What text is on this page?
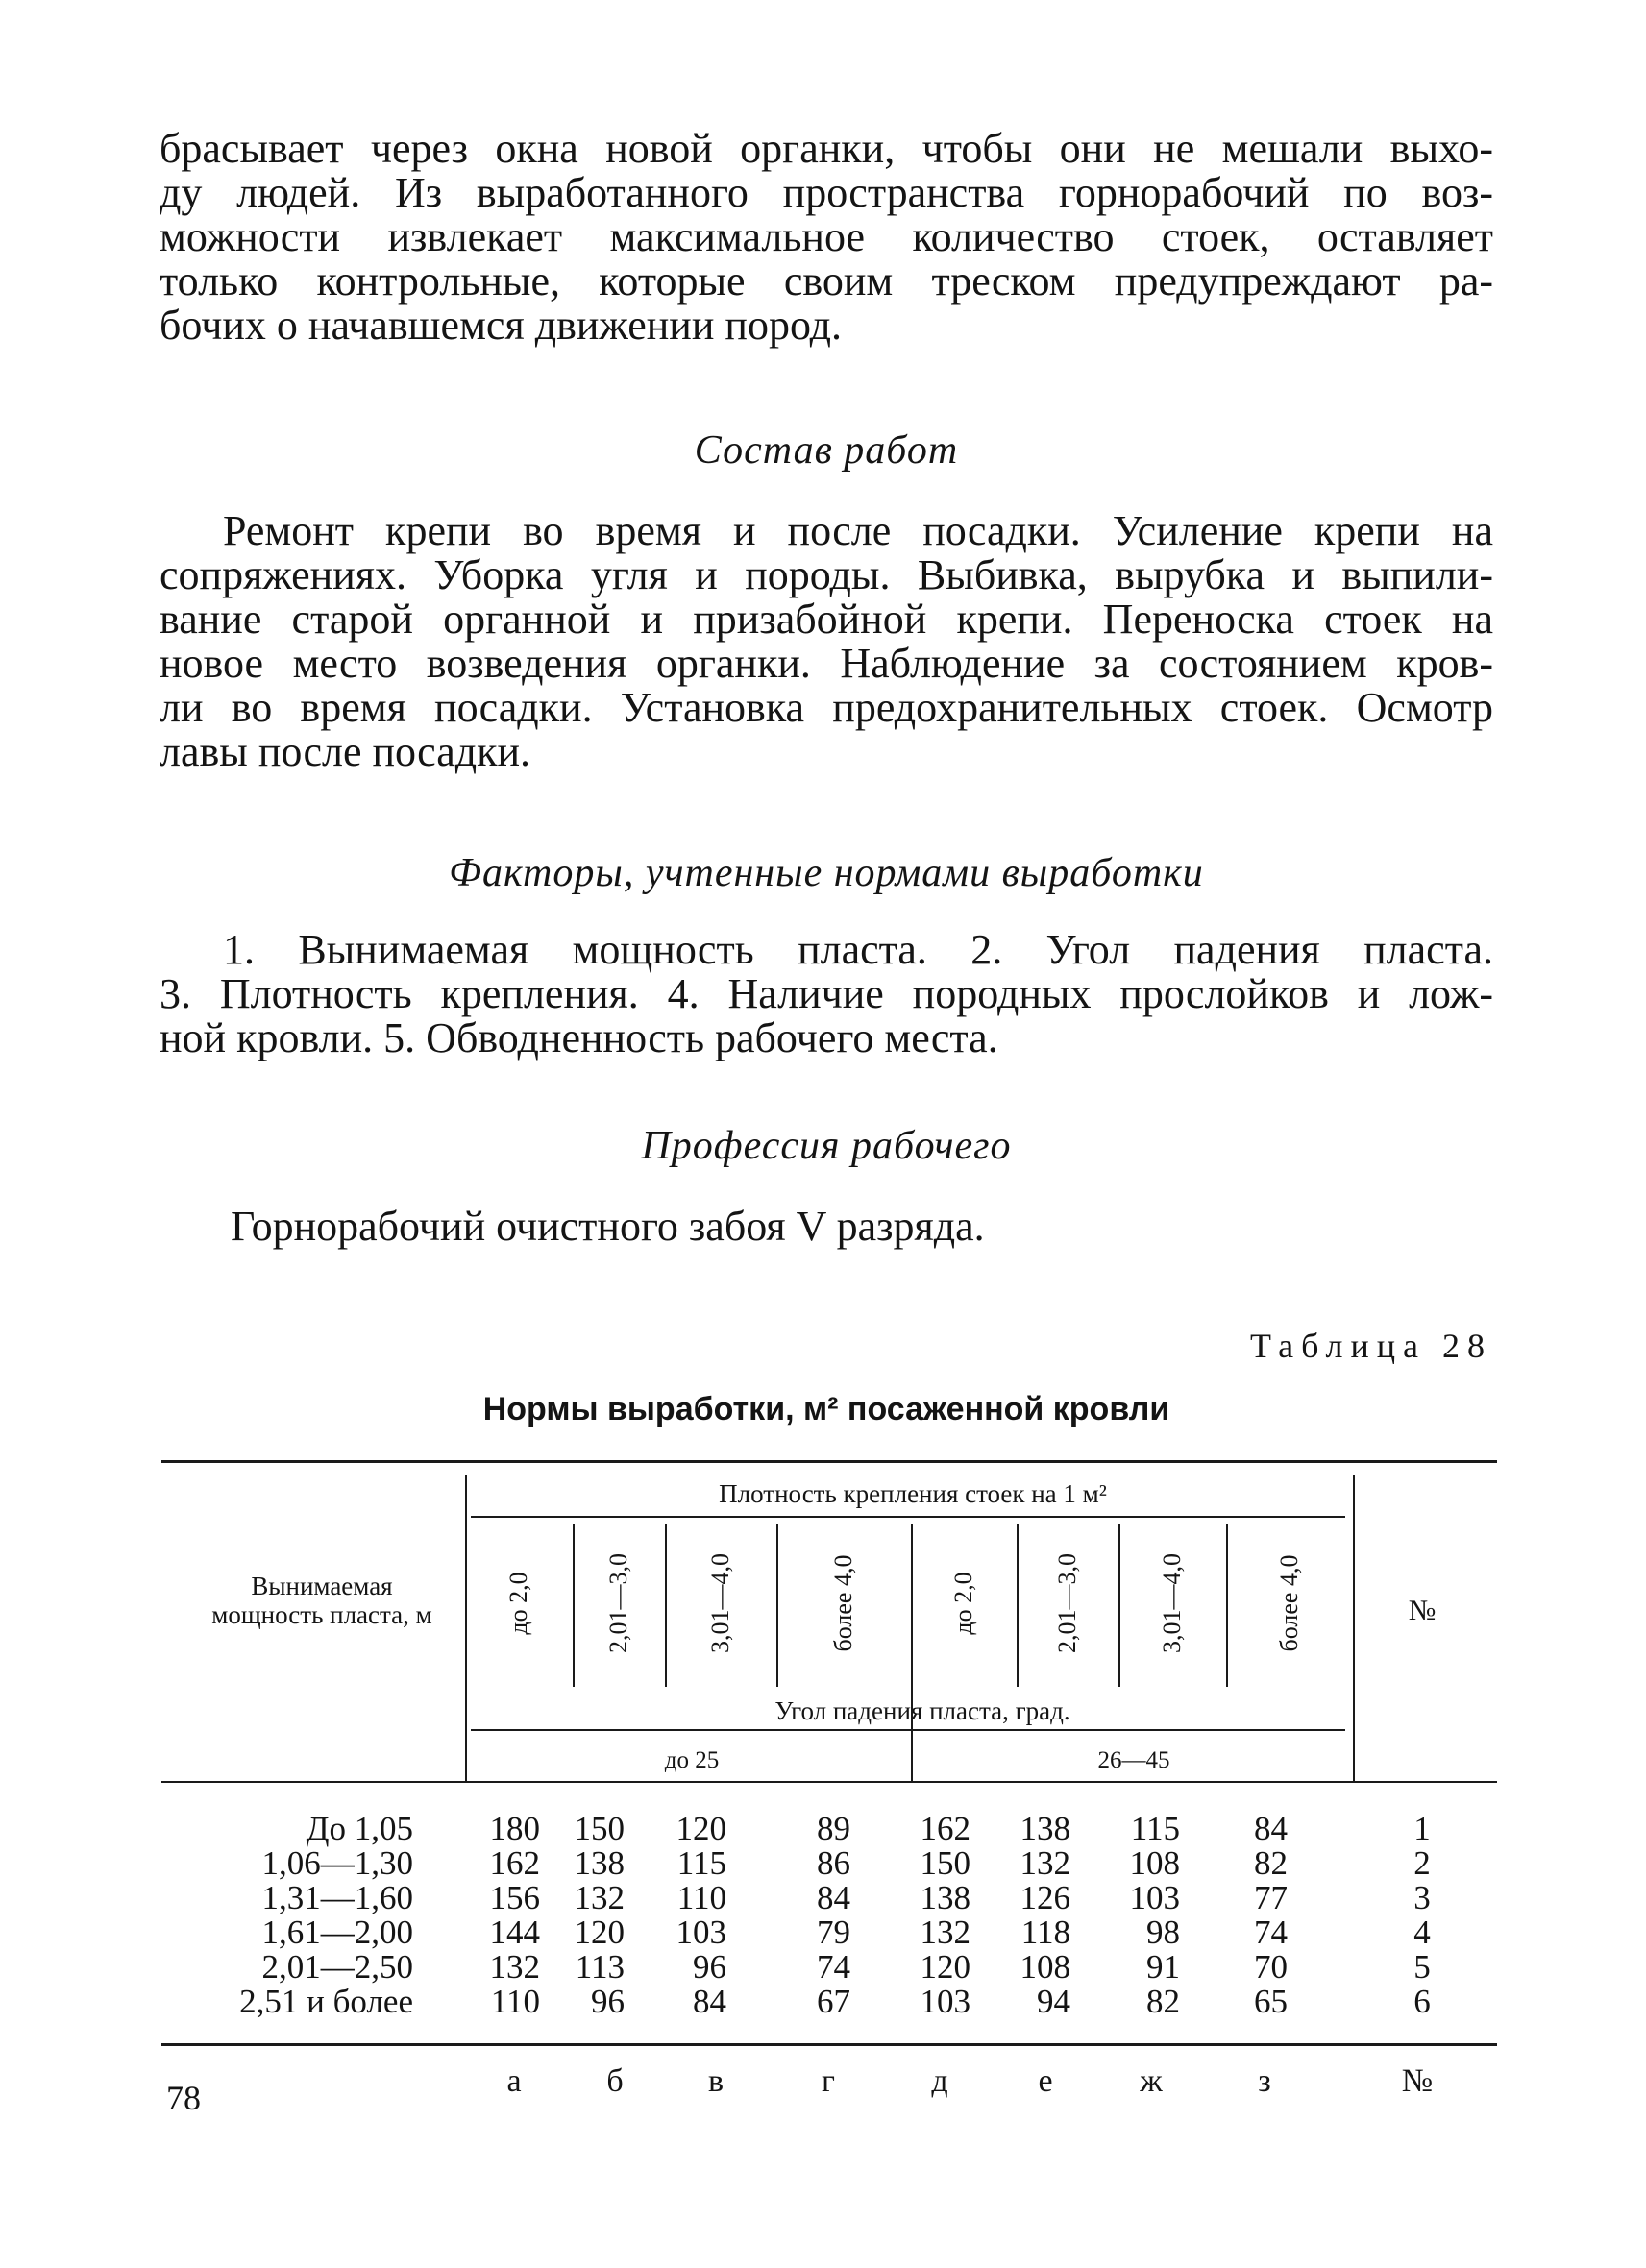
брасывает через окна новой органки, чтобы они не мешали выхо-
ду людей. Из выработанного пространства горнорабочий по воз-
можности извлекает максимальное количество стоек, оставляет
только контрольные, которые своим треском предупреждают ра-
бочих о начавшемся движении пород.
Состав работ
Ремонт крепи во время и после посадки. Усиление крепи на
сопряжениях. Уборка угля и породы. Выбивка, вырубка и выпили-
вание старой органной и призабойной крепи. Переноска стоек на
новое место возведения органки. Наблюдение за состоянием кров-
ли во время посадки. Установка предохранительных стоек. Осмотр
лавы после посадки.
Факторы, учтенные нормами выработки
1. Вынимаемая мощность пласта. 2. Угол падения пласта.
3. Плотность крепления. 4. Наличие породных прослойков и лож-
ной кровли. 5. Обводненность рабочего места.
Профессия рабочего
Горнорабочий очистного забоя V разряда.
Таблица 28
Нормы выработки, м² посаженной кровли
Вынимаемая мощность пласта, м
Плотность крепления стоек на 1 м²
Угол падения пласта, град.
до 25	26—45
№
до 2,0	2,01—3,0	3,01—4,0	более 4,0	до 2,0	2,01—3,0	3,01—4,0	более 4,0
До 1,05	180	150	120	89	162	138	115	84	1
1,06—1,30	162	138	115	86	150	132	108	82	2
1,31—1,60	156	132	110	84	138	126	103	77	3
1,61—2,00	144	120	103	79	132	118	98	74	4
2,01—2,50	132	113	96	74	120	108	91	70	5
2,51 и более	110	96	84	67	103	94	82	65	6
а	б	в	г	д	е	ж	з	№
78
